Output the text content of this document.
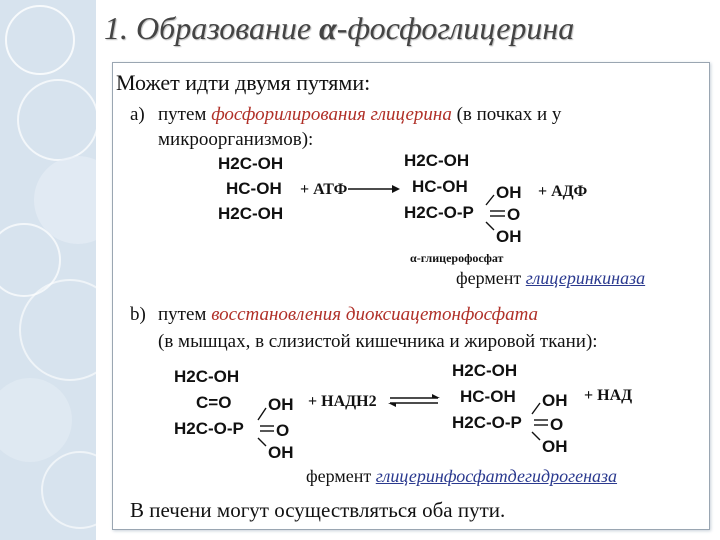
1. Образование α-фосфоглицерина
Может идти двумя путями:
a) путем фосфорилирования глицерина (в почках и у
микроорганизмов):
H2C-OH
HC-OH
H2C-OH
+ АТФ
H2C-OH
HC-OH
H2C-O-P
OH
O
OH
+ АДФ
α-глицерофосфат
фермент глицеринкиназа
b) путем восстановления диоксиацетонфосфата
(в мышцах, в слизистой кишечника и жировой ткани):
H2C-OH
C=O
H2C-O-P
OH
O
OH
+ НАДН2
H2C-OH
HC-OH
H2C-O-P
OH
O
OH
+ НАД
фермент глицеринфосфатдегидрогеназа
В печени могут осуществляться оба пути.
